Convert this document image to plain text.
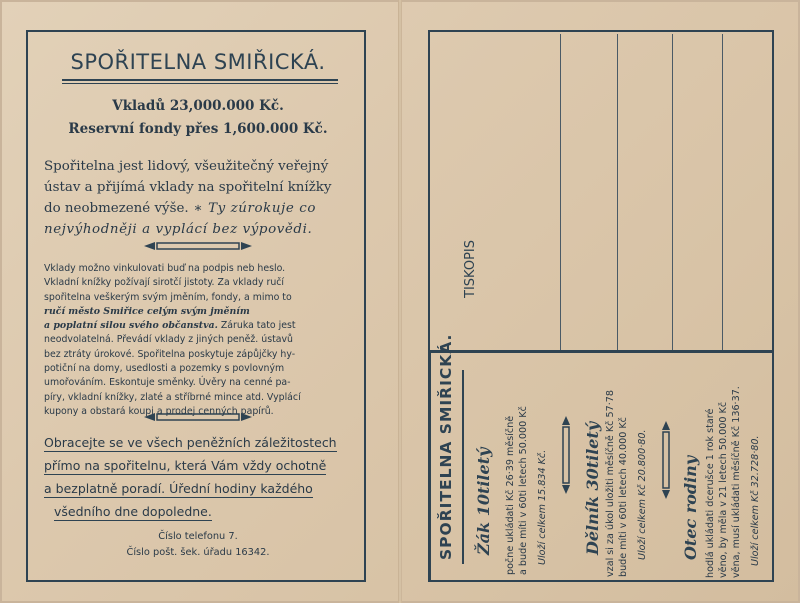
SPOŘITELNA SMIŘICKÁ.
Vkladů 23,000.000 Kč.
Reservní fondy přes 1,600.000 Kč.
Spořitelna jest lidový, všeužitečný veřejný
ústav a přijímá vklady na spořitelní knížky
do neobmezené výše. ∗ Ty zúrokuje co
nejvýhodněji a vyplácí bez výpovědi.
Vklady možno vinkulovati buď na podpis neb heslo.
Vkladní knížky požívají sirotčí jistoty. Za vklady ručí
spořitelna veškerým svým jměním, fondy, a mimo to
ručí město Smiřice celým svým jměním
a poplatní silou svého občanstva. Záruka tato jest
neodvolatelná. Převádí vklady z jiných peněž. ústavů
bez ztráty úrokové. Spořitelna poskytuje zápůjčky hy-
potiční na domy, usedlosti a pozemky s povlovným
umořováním. Eskontuje směnky. Úvěry na cenné pa-
píry, vkladní knížky, zlaté a stříbrné mince atd. Vyplácí
kupony a obstará koupi a prodej cenných papírů.
Obracejte se ve všech peněžních záležitostech
přímo na spořitelnu, která Vám vždy ochotně
a bezplatně poradí. Úřední hodiny každého
všedního dne dopoledne.
Číslo telefonu 7.
Číslo pošt. šek. úřadu 16342.
TISKOPIS
SPOŘITELNA SMIŘICKÁ. Žák 10tiletý počne ukládati Kč 26·39 měsíčně a bude míti v 60ti letech 50.000 Kč Uloží celkem 15.834 Kč. Dělník 30tiletý vzal si za úkol uložiti měsíčně Kč 57·78 bude míti v 60ti letech 40.000 Kč Uloží celkem Kč 20.800·80. Otec rodiny hodlá ukládati dcerušce 1 rok staré věno, by měla v 21 letech 50.000 Kč věna, musí ukládati měsíčně Kč 136·37. Uloží celkem Kč 32.728·80.
